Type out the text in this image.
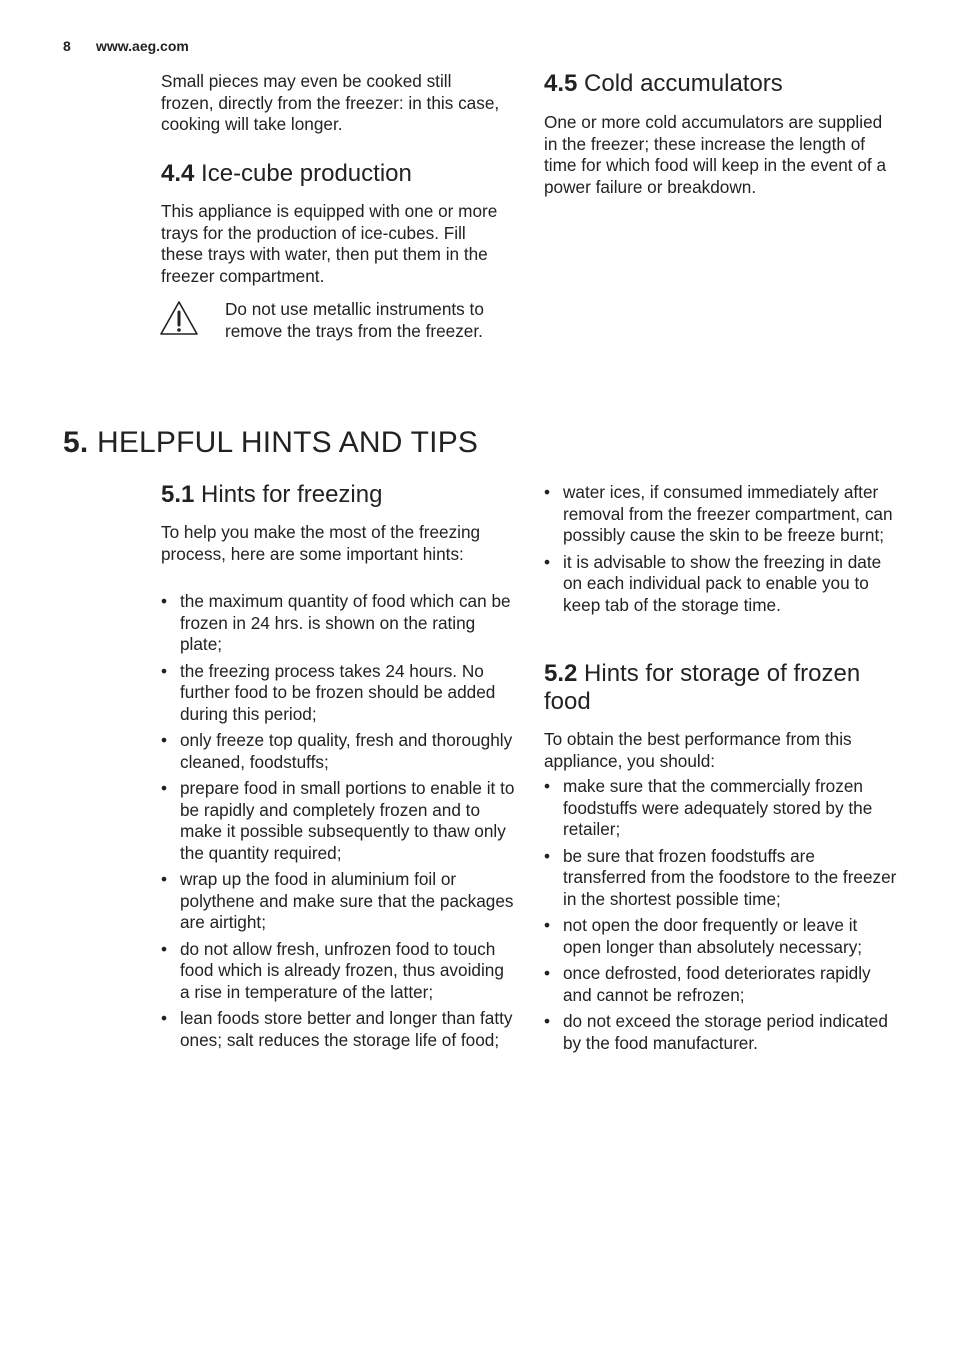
8 www.aeg.com

Small pieces may even be cooked still frozen, directly from the freezer: in this case, cooking will take longer.

4.4 Ice-cube production

This appliance is equipped with one or more trays for the production of ice-cubes. Fill these trays with water, then put them in the freezer compartment.

Do not use metallic instruments to remove the trays from the freezer.

4.5 Cold accumulators

One or more cold accumulators are supplied in the freezer; these increase the length of time for which food will keep in the event of a power failure or breakdown.

5. HELPFUL HINTS AND TIPS
5.1 Hints for freezing

To help you make the most of the freezing process, here are some important hints:

• the maximum quantity of food which can be frozen in 24 hrs. is shown on the rating plate;
• the freezing process takes 24 hours. No further food to be frozen should be added during this period;
• only freeze top quality, fresh and thoroughly cleaned, foodstuffs;
• prepare food in small portions to enable it to be rapidly and completely frozen and to make it possible subsequently to thaw only the quantity required;
• wrap up the food in aluminium foil or polythene and make sure that the packages are airtight;
• do not allow fresh, unfrozen food to touch food which is already frozen, thus avoiding a rise in temperature of the latter;
• lean foods store better and longer than fatty ones; salt reduces the storage life of food;
• water ices, if consumed immediately after removal from the freezer compartment, can possibly cause the skin to be freeze burnt;
• it is advisable to show the freezing in date on each individual pack to enable you to keep tab of the storage time.
5.2 Hints for storage of frozen food

To obtain the best performance from this appliance, you should:

• make sure that the commercially frozen foodstuffs were adequately stored by the retailer;
• be sure that frozen foodstuffs are transferred from the foodstore to the freezer in the shortest possible time;
• not open the door frequently or leave it open longer than absolutely necessary;
• once defrosted, food deteriorates rapidly and cannot be refrozen;
• do not exceed the storage period indicated by the food manufacturer.
